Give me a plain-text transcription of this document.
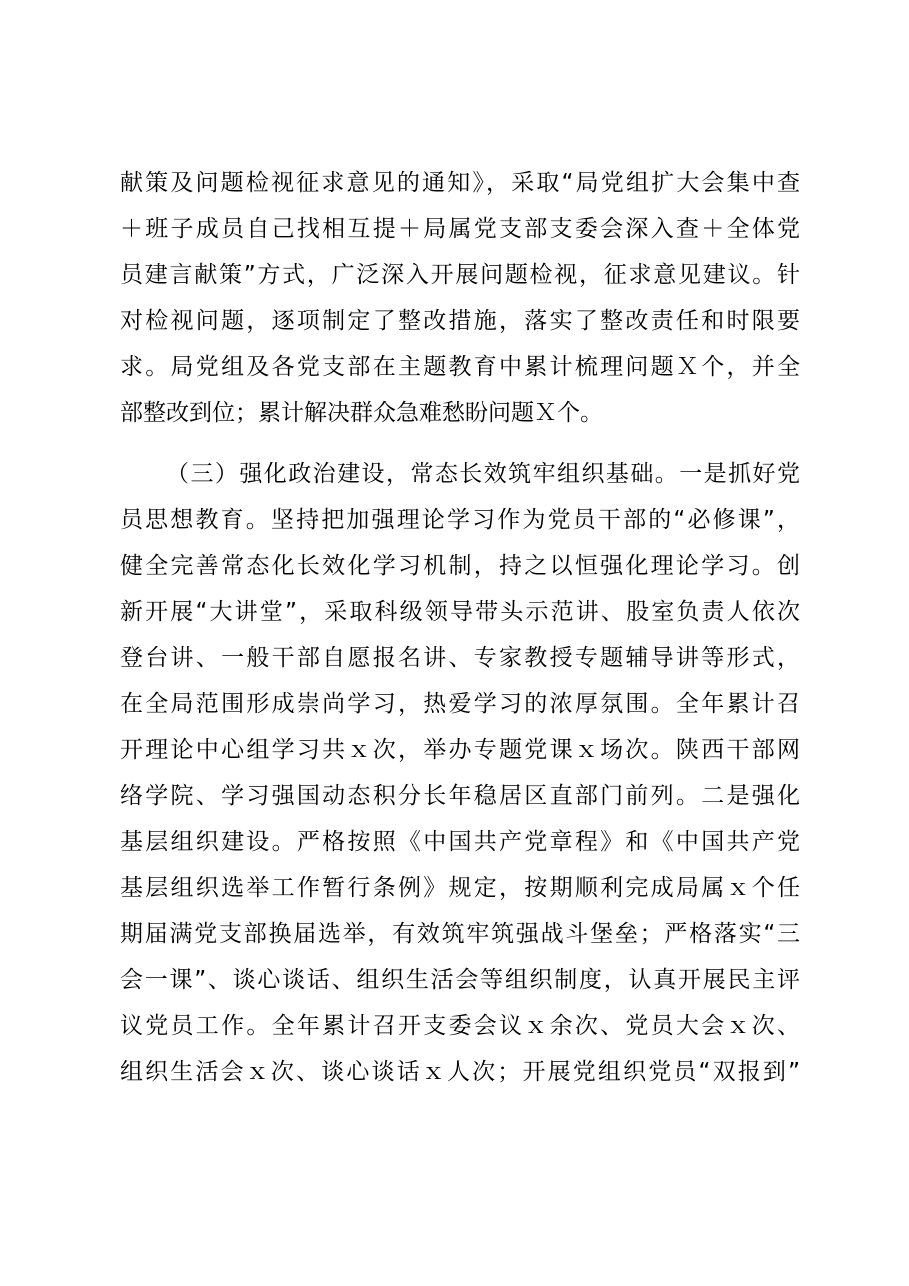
献策及问题检视征求意见的通知》，采取“局党组扩大会集中查
＋班子成员自己找相互提＋局属党支部支委会深入查＋全体党
员建言献策”方式，广泛深入开展问题检视，征求意见建议。针
对检视问题，逐项制定了整改措施，落实了整改责任和时限要
求。局党组及各党支部在主题教育中累计梳理问题Ｘ个，并全
部整改到位；累计解决群众急难愁盼问题Ｘ个。
（三）强化政治建设，常态长效筑牢组织基础。一是抓好党
员思想教育。坚持把加强理论学习作为党员干部的“必修课”，
健全完善常态化长效化学习机制，持之以恒强化理论学习。创
新开展“大讲堂”，采取科级领导带头示范讲、股室负责人依次
登台讲、一般干部自愿报名讲、专家教授专题辅导讲等形式，
在全局范围形成崇尚学习，热爱学习的浓厚氛围。全年累计召
开理论中心组学习共ｘ次，举办专题党课ｘ场次。陕西干部网
络学院、学习强国动态积分长年稳居区直部门前列。二是强化
基层组织建设。严格按照《中国共产党章程》和《中国共产党
基层组织选举工作暂行条例》规定，按期顺利完成局属ｘ个任
期届满党支部换届选举，有效筑牢筑强战斗堡垒；严格落实“三
会一课”、谈心谈话、组织生活会等组织制度，认真开展民主评
议党员工作。全年累计召开支委会议ｘ余次、党员大会ｘ次、
组织生活会ｘ次、谈心谈话ｘ人次；开展党组织党员“双报到”
